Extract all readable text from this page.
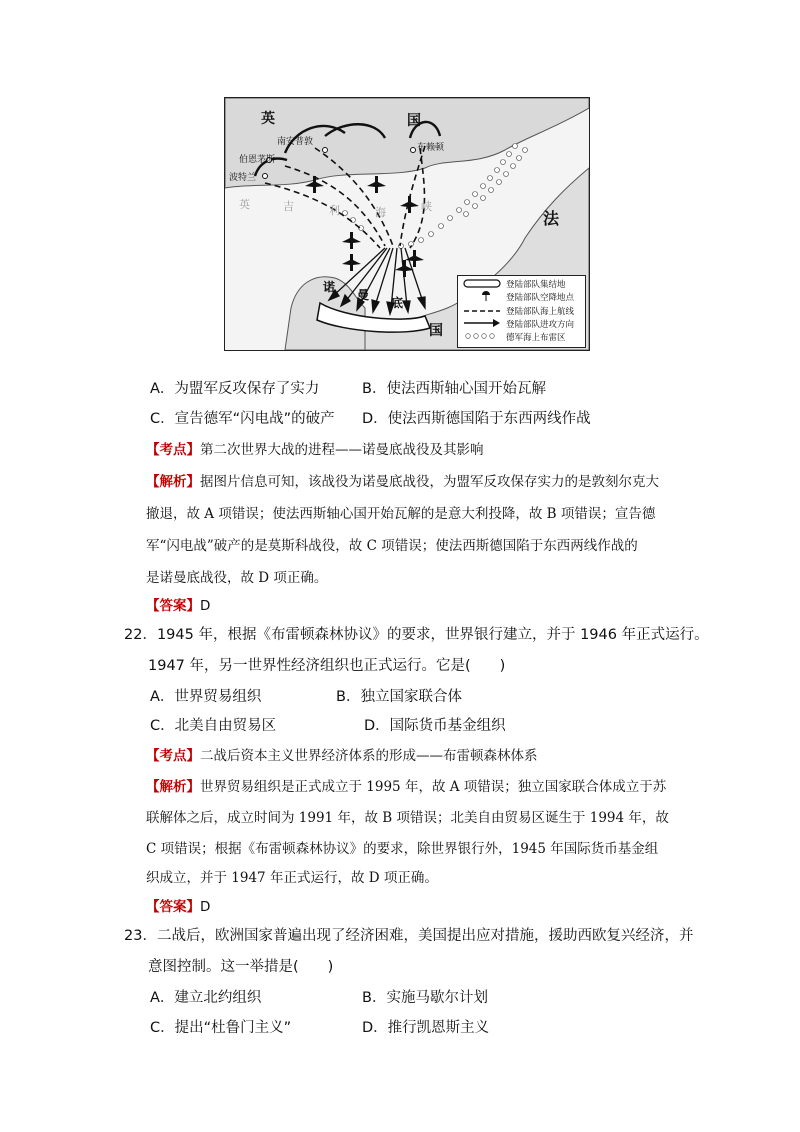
英	国
法
国
南安普敦
伯恩茅斯
波特兰
布赖顿
英	吉	利	海	峡
诺
曼
底
登陆部队集结地
登陆部队空降地点
登陆部队海上航线
登陆部队进攻方向
德军海上布雷区
A．为盟军反攻保存了实力	B．使法西斯轴心国开始瓦解
C．宣告德军“闪电战”的破产 D．使法西斯德国陷于东西两线作战
【考点】第二次世界大战的进程——诺曼底战役及其影响
【解析】据图片信息可知，该战役为诺曼底战役，为盟军反攻保存实力的是敦刻尔克大
撤退，故 A 项错误；使法西斯轴心国开始瓦解的是意大利投降，故 B 项错误；宣告德
军“闪电战”破产的是莫斯科战役，故 C 项错误；使法西斯德国陷于东西两线作战的
是诺曼底战役，故 D 项正确。
【答案】D
22．1945 年，根据《布雷顿森林协议》的要求，世界银行建立，并于 1946 年正式运行。
1947 年，另一世界性经济组织也正式运行。它是(　　)
A．世界贸易组织	B．独立国家联合体
C．北美自由贸易区	D．国际货币基金组织
【考点】二战后资本主义世界经济体系的形成——布雷顿森林体系
【解析】世界贸易组织是正式成立于 1995 年，故 A 项错误；独立国家联合体成立于苏
联解体之后，成立时间为 1991 年，故 B 项错误；北美自由贸易区诞生于 1994 年，故
C 项错误；根据《布雷顿森林协议》的要求，除世界银行外，1945 年国际货币基金组
织成立，并于 1947 年正式运行，故 D 项正确。
【答案】D
23．二战后，欧洲国家普遍出现了经济困难，美国提出应对措施，援助西欧复兴经济，并
意图控制。这一举措是(　　)
A．建立北约组织	B．实施马歇尔计划
C．提出“杜鲁门主义”	D．推行凯恩斯主义
